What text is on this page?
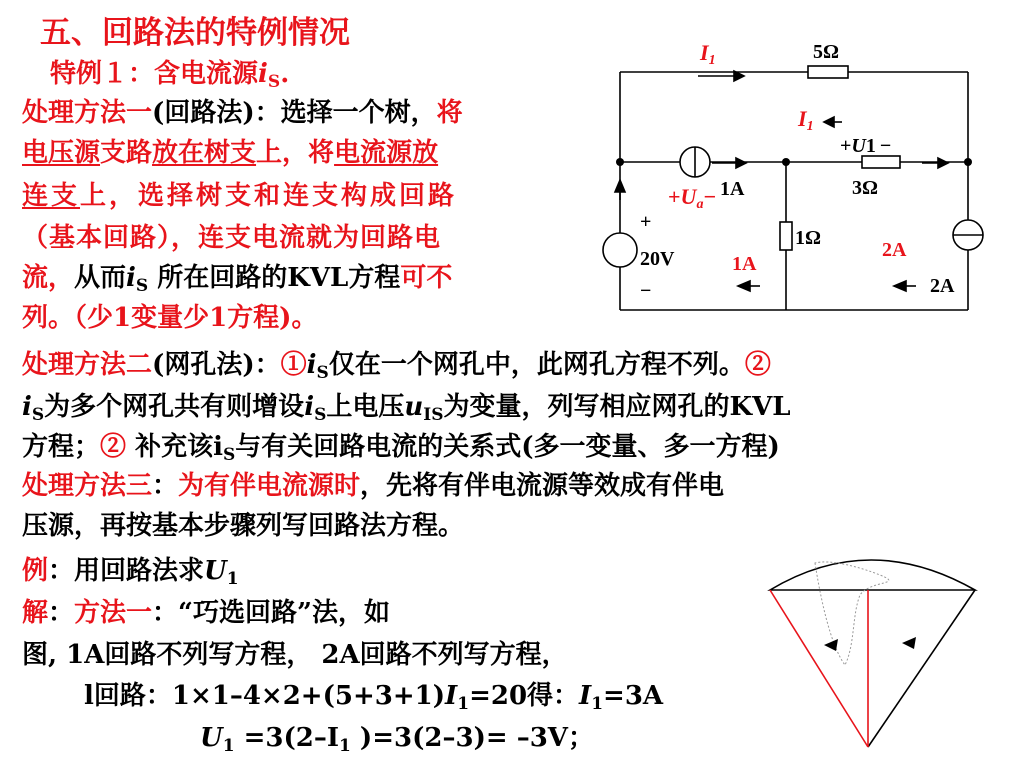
五、回路法的特例情况
特例１：含电流源$i_S$.
处理方法一(回路法)：选择一个树，将
电压源支路放在树支上，将电流源放
连支上，选择树支和连支构成回路
（基本回路），连支电流就为回路电
流，从而$i_S$ 所在回路的KVL方程可不
列。（少1变量少1方程)。
处理方法二(网孔法)：$①i_S$仅在一个网孔中，此网孔方程不列。②
$i_S$为多个网孔共有则增设$i_S$上电压$u_{IS}$为变量，列写相应网孔的KVL
方程；② 补充该$i_S$与有关回路电流的关系式(多一变量、多一方程)
处理方法三：为有伴电流源时，先将有伴电流源等效成有伴电
压源，再按基本步骤列写回路法方程。
例：用回路法求$U_1$
解：方法一：“巧选回路”法，如
图, 1A回路不列写方程， 2A回路不列写方程，
l回路：$1\times 1-4\times 2+(5+3+1)I_1=20$得：$I_1=3A$
$U_1 =3(2-I_1$ )=3(2–3)= –3V；
I1	5Ω
I1
+U1 −
3Ω
+Ua− 1A
+
20V
−
1Ω
1A
2A
2A
